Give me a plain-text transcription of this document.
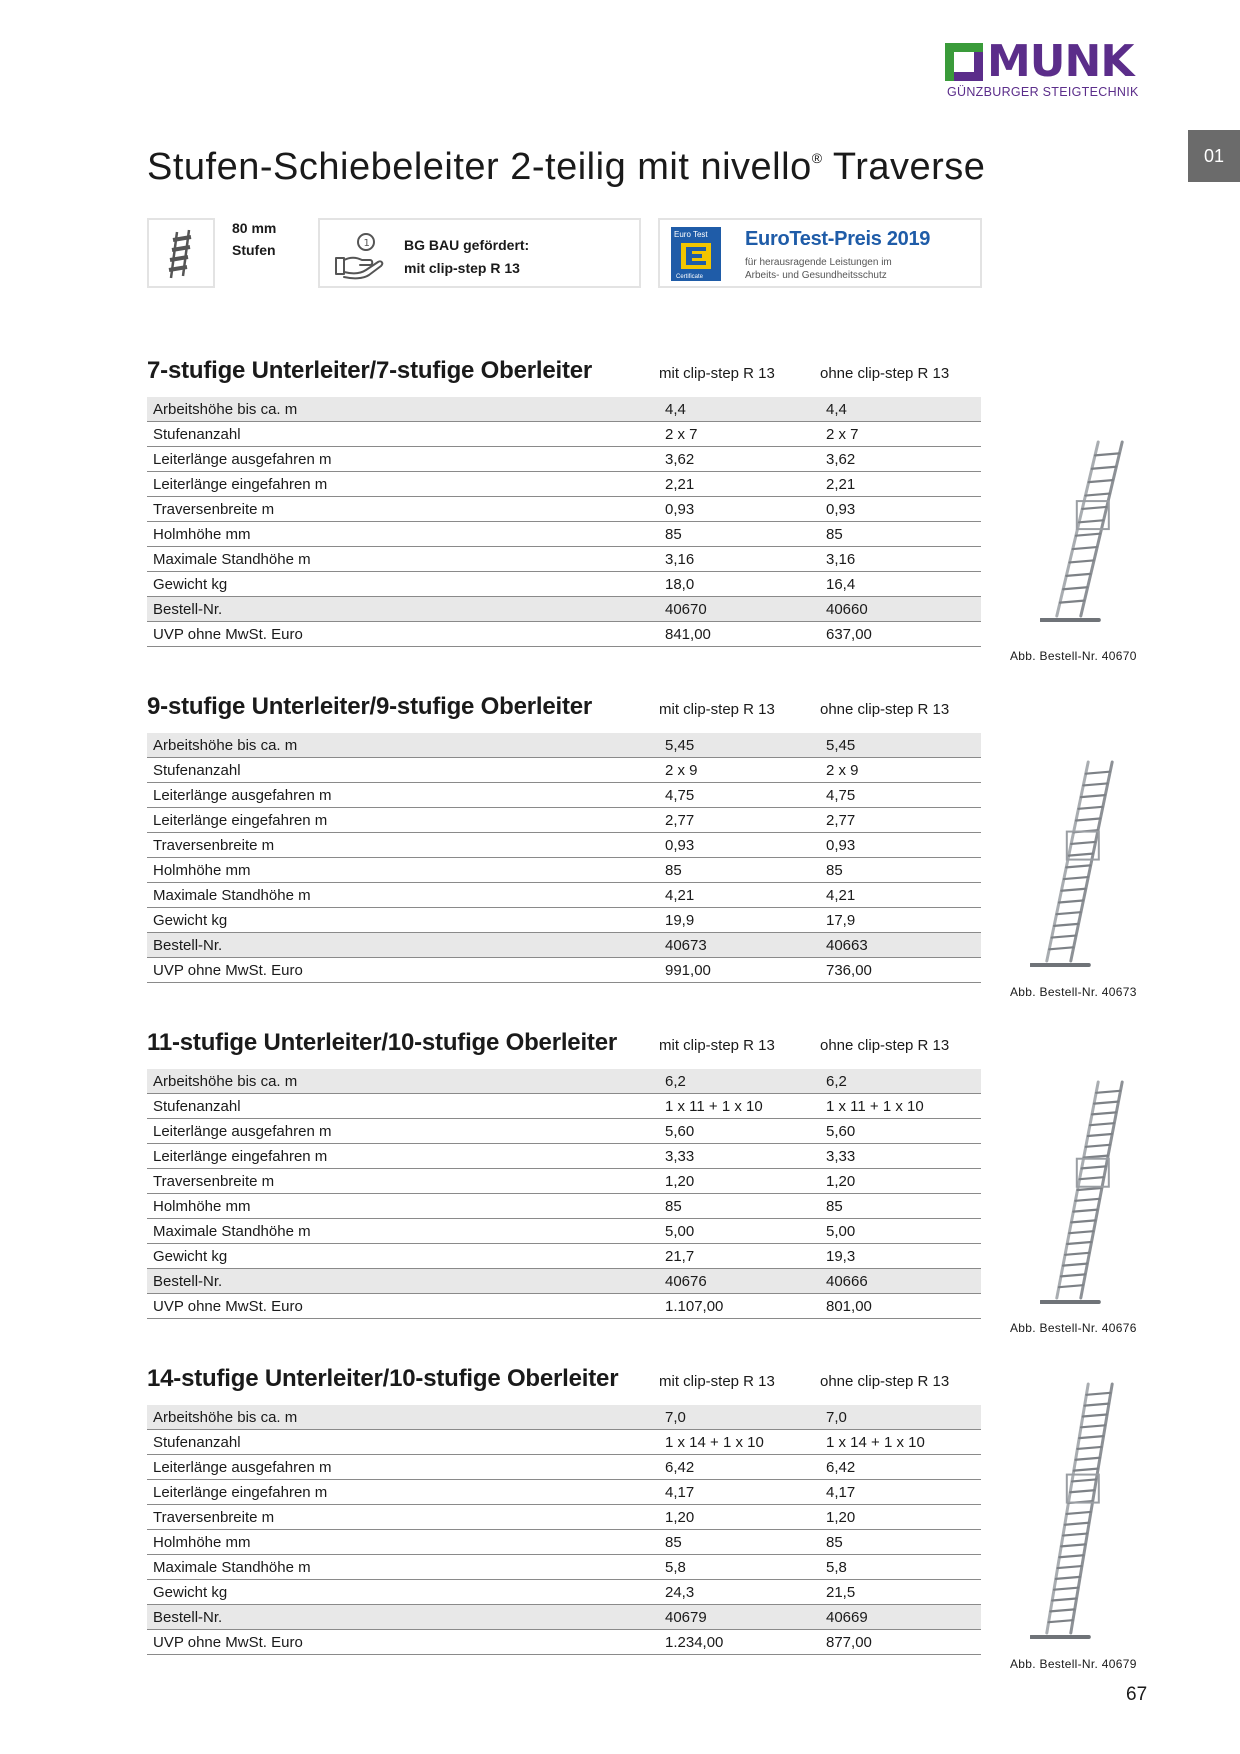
MUNK
GÜNZBURGER STEIGTECHNIK
01
Stufen-Schiebeleiter 2-teilig mit nivello® Traverse
80 mm
Stufen	1 BG BAU gefördert:
mit clip-step R 13
Euro Test
Certificate
EuroTest-Preis 2019
für herausragende Leistungen im
Arbeits- und Gesundheitsschutz
7-stufige Unterleiter/7-stufige Oberleiter	mit clip-step R 13	ohne clip-step R 13
Arbeitshöhe bis ca. m	4,4	4,4
Stufenanzahl	2 x 7	2 x 7
Leiterlänge ausgefahren m	3,62	3,62
Leiterlänge eingefahren m	2,21	2,21
Traversenbreite m	0,93	0,93
Holmhöhe mm	85	85
Maximale Standhöhe m	3,16	3,16
Gewicht kg	18,0	16,4
Bestell-Nr.	40670	40660
UVP ohne MwSt. Euro	841,00	637,00
9-stufige Unterleiter/9-stufige Oberleiter	mit clip-step R 13	ohne clip-step R 13
Arbeitshöhe bis ca. m	5,45	5,45
Stufenanzahl	2 x 9	2 x 9
Leiterlänge ausgefahren m	4,75	4,75
Leiterlänge eingefahren m	2,77	2,77
Traversenbreite m	0,93	0,93
Holmhöhe mm	85	85
Maximale Standhöhe m	4,21	4,21
Gewicht kg	19,9	17,9
Bestell-Nr.	40673	40663
UVP ohne MwSt. Euro	991,00	736,00
11-stufige Unterleiter/10-stufige Oberleiter	mit clip-step R 13	ohne clip-step R 13
Arbeitshöhe bis ca. m	6,2	6,2
Stufenanzahl	1 x 11 + 1 x 10	1 x 11 + 1 x 10
Leiterlänge ausgefahren m	5,60	5,60
Leiterlänge eingefahren m	3,33	3,33
Traversenbreite m	1,20	1,20
Holmhöhe mm	85	85
Maximale Standhöhe m	5,00	5,00
Gewicht kg	21,7	19,3
Bestell-Nr.	40676	40666
UVP ohne MwSt. Euro	1.107,00	801,00
14-stufige Unterleiter/10-stufige Oberleiter	mit clip-step R 13	ohne clip-step R 13
Arbeitshöhe bis ca. m	7,0	7,0
Stufenanzahl	1 x 14 + 1 x 10	1 x 14 + 1 x 10
Leiterlänge ausgefahren m	6,42	6,42
Leiterlänge eingefahren m	4,17	4,17
Traversenbreite m	1,20	1,20
Holmhöhe mm	85	85
Maximale Standhöhe m	5,8	5,8
Gewicht kg	24,3	21,5
Bestell-Nr.	40679	40669
UVP ohne MwSt. Euro	1.234,00	877,00
Abb. Bestell-Nr. 40670
Abb. Bestell-Nr. 40673
Abb. Bestell-Nr. 40676
Abb. Bestell-Nr. 40679
67
